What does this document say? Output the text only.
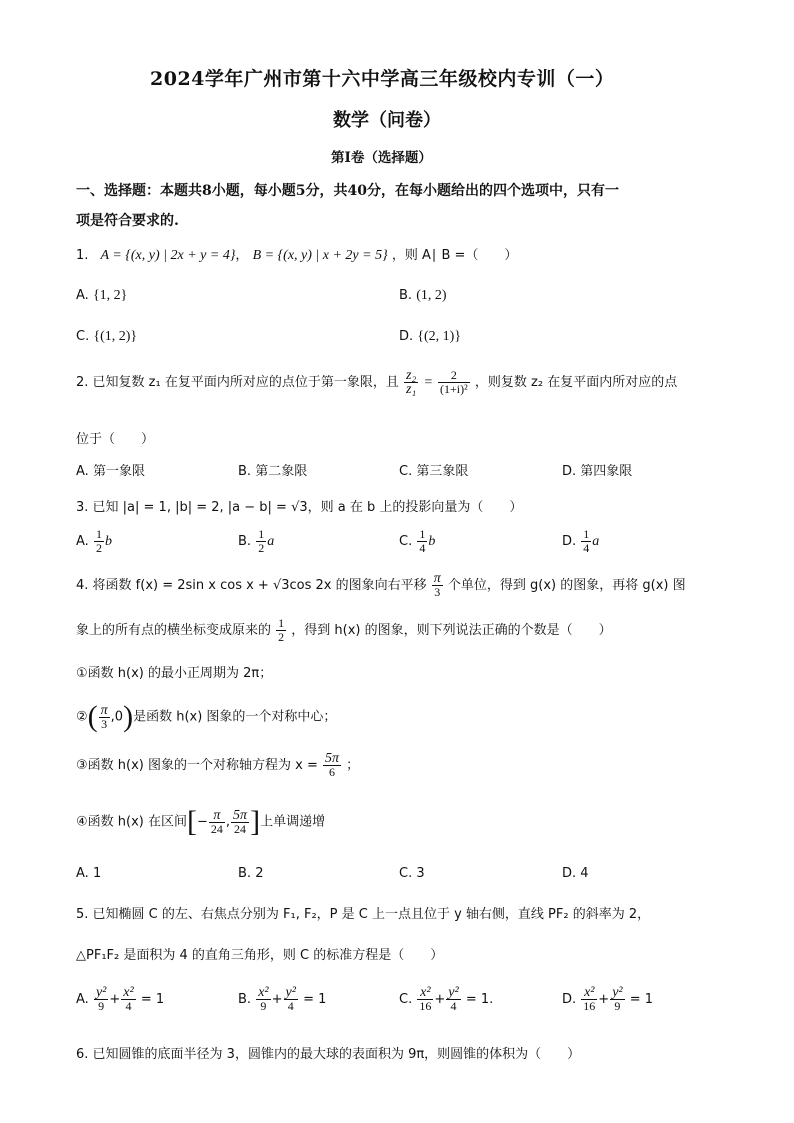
2024学年广州市第十六中学高三年级校内专训（一）
数学（问卷）
第Ⅰ卷（选择题）
一、选择题：本题共8小题，每小题5分，共40分，在每小题给出的四个选项中，只有一
项是符合要求的.
1. A = {(x, y) | 2x + y = 4}， B = {(x, y) | x + 2y = 5} ，则 A∣ B =（　　）
A. {1, 2}	B. (1, 2)
C. {(1, 2)}	D. {(2, 1)}
2. 已知复数 z₁ 在复平面内所对应的点位于第一象限，且 $\frac{\text{z₂}}{\text{z₁}} = \frac{2}{\text{(1+i)²}}$ ，则复数 z₂ 在复平面内所对应的点
位于（　　）
A. 第一象限	B. 第二象限	C. 第三象限	D. 第四象限
3. 已知 |a| = 1, |b| = 2, |a − b| = √3，则 a 在 b 上的投影向量为（　　）
A. $\frac{1}{2}$ b	B. $\frac{1}{2}$ a	C. $\frac{1}{4}$ b	D. $\frac{1}{4}$ a
4. 将函数 f(x) = 2sin x cos x + √3cos 2x 的图象向右平移 $\frac{\pi}{3}$ 个单位，得到 g(x) 的图象，再将 g(x) 图
象上的所有点的横坐标变成原来的 $\frac{1}{2}$ ，得到 h(x) 的图象，则下列说法正确的个数是（　　）
①函数 h(x) 的最小正周期为 2π；
②( $\frac{\pi}{3} ,0$)是函数 h(x) 图象的一个对称中心；
③函数 h(x) 图象的一个对称轴方程为 $x = \frac{5\pi}{6}$ ；
④函数 h(x) 在区间[− $\frac{\pi}{24}$ , $\frac{5\pi}{24}$ ]上单调递增
A. 1	B. 2	C. 3	D. 4
5. 已知椭圆 C 的左、右焦点分别为 F₁, F₂，P 是 C 上一点且位于 y 轴右侧，直线 PF₂ 的斜率为 2，
△PF₁F₂ 是面积为 4 的直角三角形，则 C 的标准方程是（　　）
A. $\frac{\text{y²}}{9} + \frac{\text{x²}}{4} = 1$	B. $\frac{\text{x²}}{9} + \frac{\text{y²}}{4} = 1$	C. $\frac{\text{x²}}{16} + \frac{\text{y²}}{4} = 1$.	D. $\frac{\text{x²}}{16} + \frac{\text{y²}}{9} = 1$
6. 已知圆锥的底面半径为 3，圆锥内的最大球的表面积为 9π，则圆锥的体积为（　　）
